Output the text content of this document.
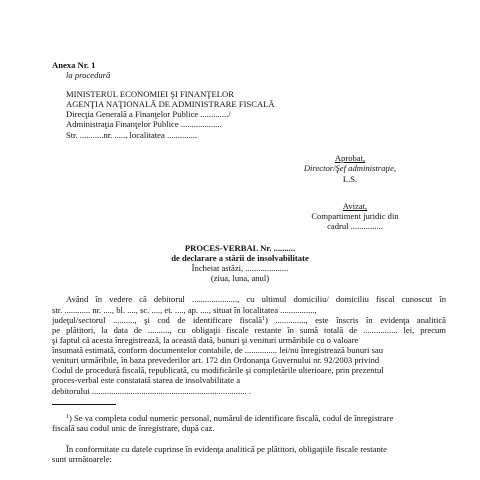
Anexa Nr. 1
la procedură
MINISTERUL ECONOMIEI ŞI FINANŢELOR
AGENŢIA NAŢIONALĂ DE ADMINISTRARE FISCALĂ
Direcţia Generală a Finanţelor Publice ............./
Administraţia Finanţelor Publice ...................
Str. ...........nr. ....., localitatea ..............
Aprobat,
Director/Şef administraţie,
L.S.
Avizat,
Compartiment juridic din
cadrul ...............
PROCES-VERBAL Nr. ..........
de declarare a stării de insolvabilitate
Încheiat astăzi, ....................
(ziua, luna, anul)
Având în vedere că debitorul ....................., cu ultimul domiciliu/ domiciliu fiscal cunoscut în
str. ............ nr. ...., bl. ...., sc. ...., et. ...., ap. ...., situat în localitatea ................,
judeţul/sectorul .........., şi cod de identificare fiscală$^1$) .............., este înscris în evidenţa analitică
pe plătitori, la data de .........., cu obligaţii fiscale restante în sumă totală de ................ lei, precum
şi faptul că acesta înregistrează, la această dată, bunuri şi venituri urmăribile cu o valoare
însumată estimată, conform documentelor contabile, de ............... lei/nu înregistrează bunuri sau
venituri urmăribile, în baza prevederilor art. 172 din Ordonanţa Guvernului nr. 92/2003 privind
Codul de procedură fiscală, republicată, cu modificările şi completările ulterioare, prin prezentul
proces-verbal este constatată starea de insolvabilitate a
debitorului ........................................................................ .
$^1$) Se va completa codul numeric personal, numărul de identificare fiscală, codul de înregistrare
fiscală sau codul unic de înregistrare, după caz.
În conformitate cu datele cuprinse în evidenţa analitică pe plătitori, obligaţiile fiscale restante
sunt următoarele:
